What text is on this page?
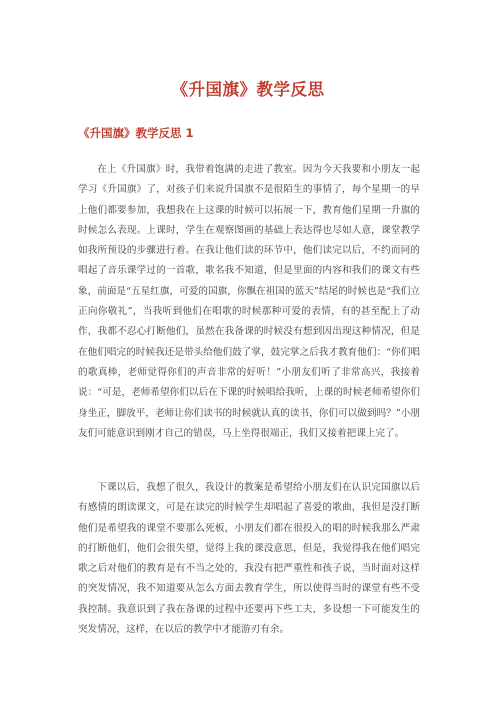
《升国旗》教学反思
《升国旗》教学反思 1

在上《升国旗》时，我带着饱满的走进了教室。因为今天我要和小朋友一起学习《升国旗》了，对孩子们来说升国旗不是很陌生的事情了，每个星期一的早上他们都要参加，我想我在上这课的时候可以拓展一下，教育他们星期一升旗的时候怎么表现。上课时，学生在观察图画的基础上表达得也尽如人意，课堂教学如我所预设的步骤进行着。在我让他们读的环节中，他们读完以后，不约而同的唱起了音乐课学过的一首歌，歌名我不知道，但是里面的内容和我们的课文有些象，前面是“五星红旗，可爱的国旗，你飘在祖国的蓝天”结尾的时候也是“我们立正向你敬礼”，当我听到他们在唱歌的时候那种可爱的表情，有的甚至配上了动作，我都不忍心打断他们，虽然在我备课的时候没有想到因出现这种情况，但是在他们唱完的时候我还是带头给他们鼓了掌，鼓完掌之后我才教育他们：“你们唱的歌真棒，老师觉得你们的声音非常的好听！”小朋友们听了非常高兴，我接着说：“可是，老师希望你们以后在下课的时候唱给我听，上课的时候老师希望你们身坐正，脚放平，老师让你们读书的时候就认真的读书，你们可以做到吗？”小朋友们可能意识到刚才自己的错误，马上坐得很端正，我们又接着把课上完了。

下课以后，我想了很久，我设计的教案是希望给小朋友们在认识完国旗以后有感情的朗读课文，可是在读完的时候学生却唱起了喜爱的歌曲，我但是没打断他们是希望我的课堂不要那么死板，小朋友们都在很投入的唱的时候我那么严肃的打断他们，他们会很失望，觉得上我的课没意思，但是，我觉得我在他们唱完歌之后对他们的教育是有不当之处的，我没有把严重性和孩子说，当时面对这样的突发情况，我不知道要从怎么方面去教育学生，所以使得当时的课堂有些不受我控制。我意识到了我在备课的过程中还要再下些工夫，多设想一下可能发生的突发情况，这样，在以后的教学中才能游刃有余。
